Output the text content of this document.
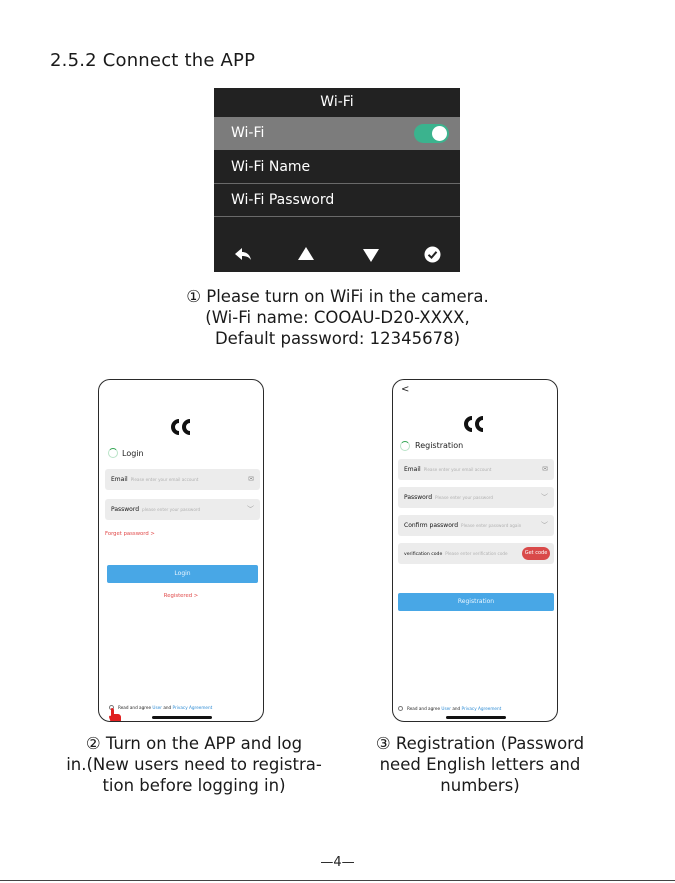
2.5.2 Connect the APP
Wi-Fi
Wi-Fi
Wi-Fi Name
Wi-Fi Password
① Please turn on WiFi in the camera.
(Wi-Fi name: COOAU-D20-XXXX,
Default password: 12345678)
Login
Email Please enter your email account	✉
Password please enter your password	︶
Forget password >
Login
Registered >
Read and agree User and Privacy Agreement
<
Registration
Email Please enter your email account	✉
Password Please enter your password	︶
Confirm password Please enter password again	︶
verification code Please enter verification code	Get code
Registration
Read and agree User and Privacy Agreement
② Turn on the APP and log
in.(New users need to registra-
tion before logging in)
③ Registration (Password
need English letters and
numbers)
—4—
